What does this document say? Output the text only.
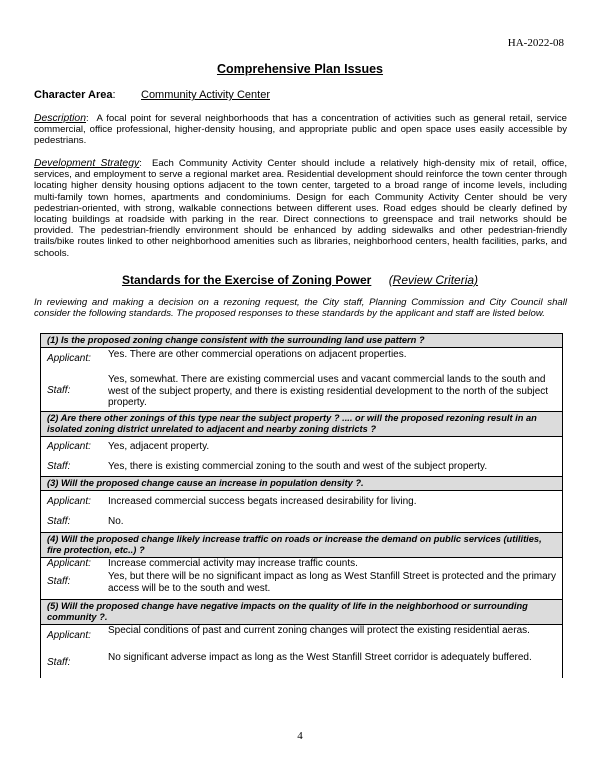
HA-2022-08
Comprehensive Plan Issues
Character Area: Community Activity Center
Description:  A focal point for several neighborhoods that has a concentration of activities such as general retail, service commercial, office professional, higher-density housing, and appropriate public and open space uses easily accessible by pedestrians.
Development Strategy:  Each Community Activity Center should include a relatively high-density mix of retail, office, services, and employment to serve a regional market area. Residential development should reinforce the town center through locating higher density housing options adjacent to the town center, targeted to a broad range of income levels, including multi-family town homes, apartments and condominiums. Design for each Community Activity Center should be very pedestrian-oriented, with strong, walkable connections between different uses. Road edges should be clearly defined by locating buildings at roadside with parking in the rear. Direct connections to greenspace and trail networks should be provided. The pedestrian-friendly environment should be enhanced by adding sidewalks and other pedestrian-friendly trails/bike routes linked to other neighborhood amenities such as libraries, neighborhood centers, health facilities, parks, and schools.
Standards for the Exercise of Zoning Power (Review Criteria)
In reviewing and making a decision on a rezoning request, the City staff, Planning Commission and City Council shall consider the following standards. The proposed responses to these standards by the applicant and staff are listed below.
(1) Is the proposed zoning change consistent with the surrounding land use pattern ?
Applicant: Yes. There are other commercial operations on adjacent properties.
Staff:
Yes, somewhat. There are existing commercial uses and vacant commercial lands to the south and west of the subject property, and there is existing residential development to the north of the subject property.
(2) Are there other zonings of this type near the subject property ? .... or will the proposed rezoning result in an isolated zoning district unrelated to adjacent and nearby zoning districts ?
Applicant: Yes, adjacent property.
Staff:	Yes, there is existing commercial zoning to the south and west of the subject property.
(3) Will the proposed change cause an increase in population density ?.
Applicant: Increased commercial success begats increased desirability for living.
Staff:	No.
(4) Will the proposed change likely increase traffic on roads or increase the demand on public services (utilities, fire protection, etc..) ?
Applicant: Increase commercial activity may increase traffic counts.
Staff:	Yes, but there will be no significant impact as long as West Stanfill Street is protected and the primary access will be to the south and west.
(5) Will the proposed change have negative impacts on the quality of life in the neighborhood or surrounding community ?.
Applicant: Special conditions of past and current zoning changes will protect the existing residential aeras.
Staff:	No significant adverse impact as long as the West Stanfill Street corridor is adequately buffered.
4
